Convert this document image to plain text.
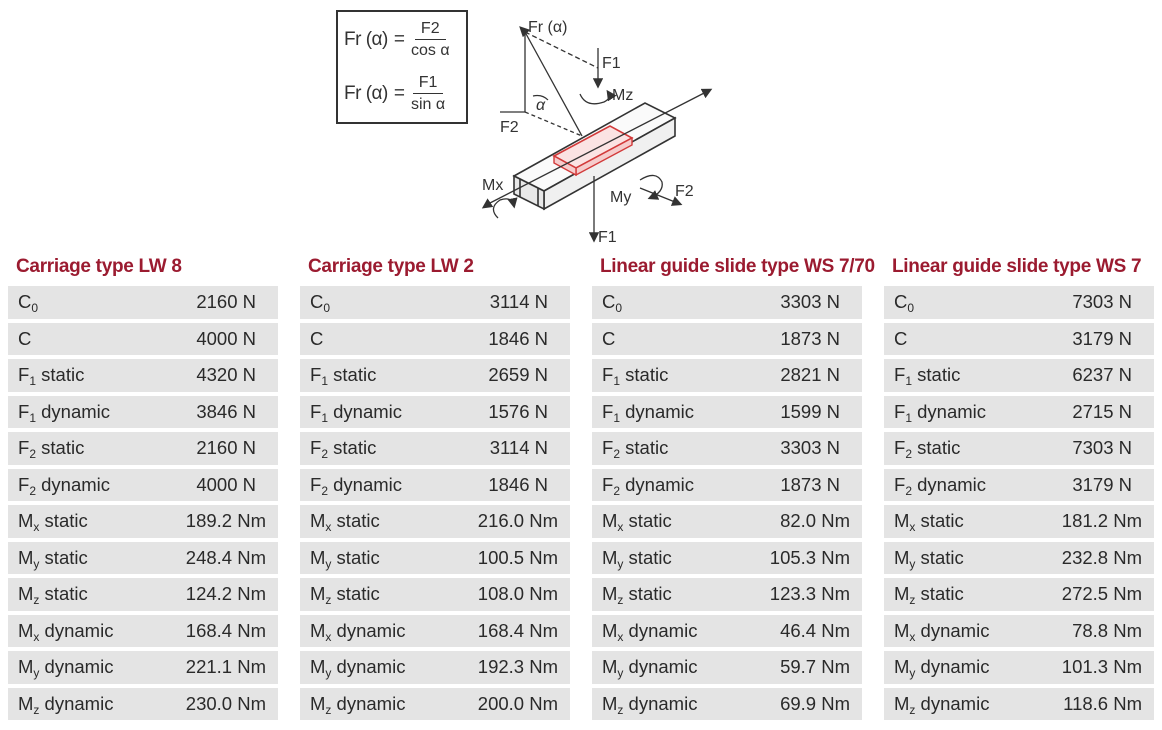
Fr $(\alpha) = \frac{F2}{\text{cos α}}$
Fr $(\alpha) = \frac{F1}{\text{sin α}}$
Fr (α)
F1
Mz
α
F2
Mx
My	F2
F1
Carriage type LW 8
$C_0$	2160 N
C	4000 N
$F_1$ static	4320 N
$F_1$ dynamic	3846 N
$F_2$ static	2160 N
$F_2$ dynamic	4000 N
$M_x$ static	189.2 Nm
$M_y$ static	248.4 Nm
$M_z$ static	124.2 Nm
$M_x$ dynamic	168.4 Nm
$M_y$ dynamic	221.1 Nm
$M_z$ dynamic	230.0 Nm
Carriage type LW 2
$C_0$	3114 N
C	1846 N
$F_1$ static	2659 N
$F_1$ dynamic	1576 N
$F_2$ static	3114 N
$F_2$ dynamic	1846 N
$M_x$ static	216.0 Nm
$M_y$ static	100.5 Nm
$M_z$ static	108.0 Nm
$M_x$ dynamic	168.4 Nm
$M_y$ dynamic	192.3 Nm
$M_z$ dynamic	200.0 Nm
Linear guide slide type WS 7/70
$C_0$	3303 N
C	1873 N
$F_1$ static	2821 N
$F_1$ dynamic	1599 N
$F_2$ static	3303 N
$F_2$ dynamic	1873 N
$M_x$ static	82.0 Nm
$M_y$ static	105.3 Nm
$M_z$ static	123.3 Nm
$M_x$ dynamic	46.4 Nm
$M_y$ dynamic	59.7 Nm
$M_z$ dynamic	69.9 Nm
Linear guide slide type WS 7
$C_0$	7303 N
C	3179 N
$F_1$ static	6237 N
$F_1$ dynamic	2715 N
$F_2$ static	7303 N
$F_2$ dynamic	3179 N
$M_x$ static	181.2 Nm
$M_y$ static	232.8 Nm
$M_z$ static	272.5 Nm
$M_x$ dynamic	78.8 Nm
$M_y$ dynamic	101.3 Nm
$M_z$ dynamic	118.6 Nm
